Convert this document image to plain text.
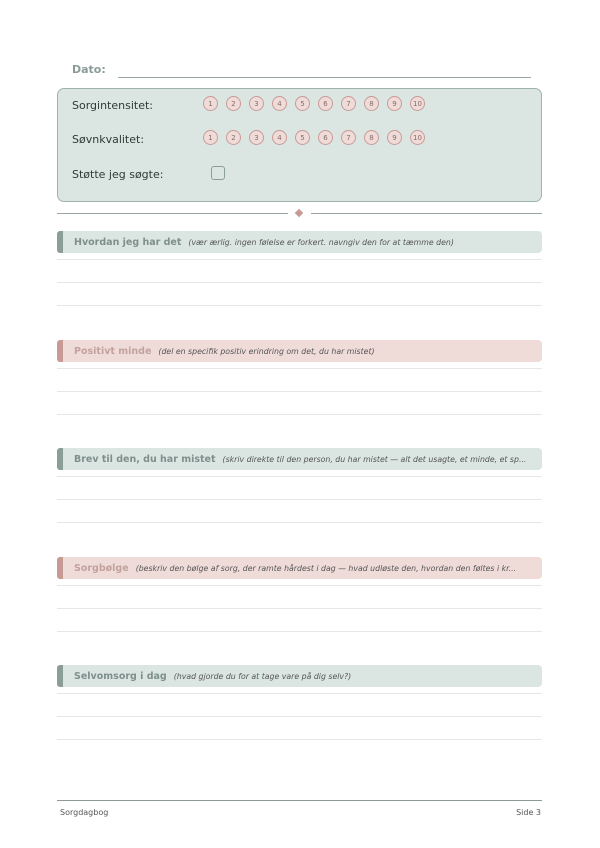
Dato:
Sorgintensitet:	1	2	3	4	5	6	7	8	9	10
Søvnkvalitet:	1	2	3	4	5	6	7	8	9	10
Støtte jeg søgte:
Hvordan jeg har det (vær ærlig. ingen følelse er forkert. navngiv den for at tæmme den)
Positivt minde (del en specifik positiv erindring om det, du har mistet)
Brev til den, du har mistet (skriv direkte til den person, du har mistet — alt det usagte, et minde, et sp...
Sorgbølge (beskriv den bølge af sorg, der ramte hårdest i dag — hvad udløste den, hvordan den føltes i kr...
Selvomsorg i dag (hvad gjorde du for at tage vare på dig selv?)
Sorgdagbog	Side 3
